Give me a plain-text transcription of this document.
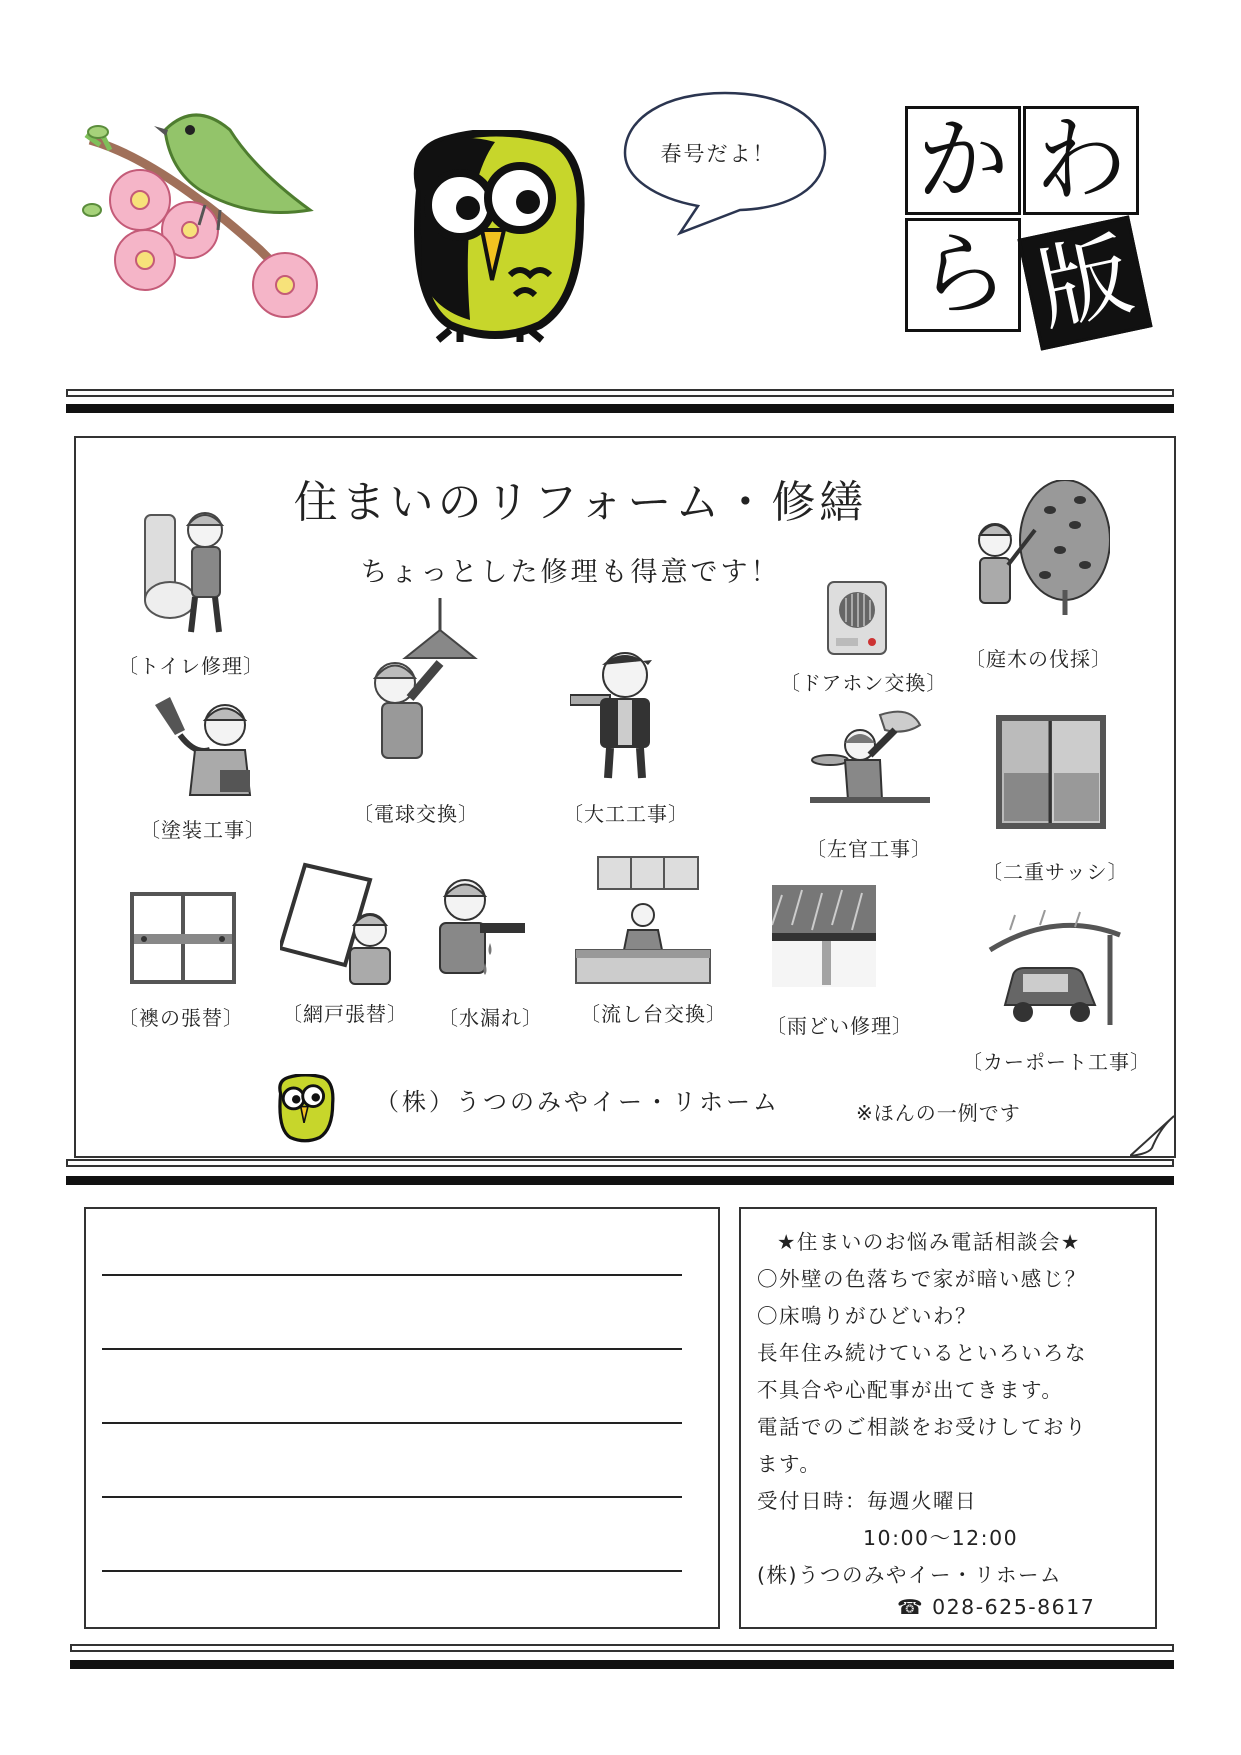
春号だよ！ か わ
ら 版
住まいのリフォーム・修繕
ちょっとした修理も得意です！
〔トイレ修理〕
〔電球交換〕	〔大工工事〕
〔ドアホン交換〕
〔庭木の伐採〕
〔塗装工事〕
〔左官工事〕
〔二重サッシ〕
〔襖の張替〕 〔網戸張替〕 〔水漏れ〕 〔流し台交換〕 〔雨どい修理〕
〔カーポート工事〕
（株）うつのみやイー・リホーム	※ほんの一例です
★住まいのお悩み電話相談会★
〇外壁の色落ちで家が暗い感じ？
〇床鳴りがひどいわ？
長年住み続けているといろいろな
不具合や心配事が出てきます。
電話でのご相談をお受けしており
ます。
受付日時：毎週火曜日
10:00～12:00
(株)うつのみやイー・リホーム
☎ 028-625-8617
